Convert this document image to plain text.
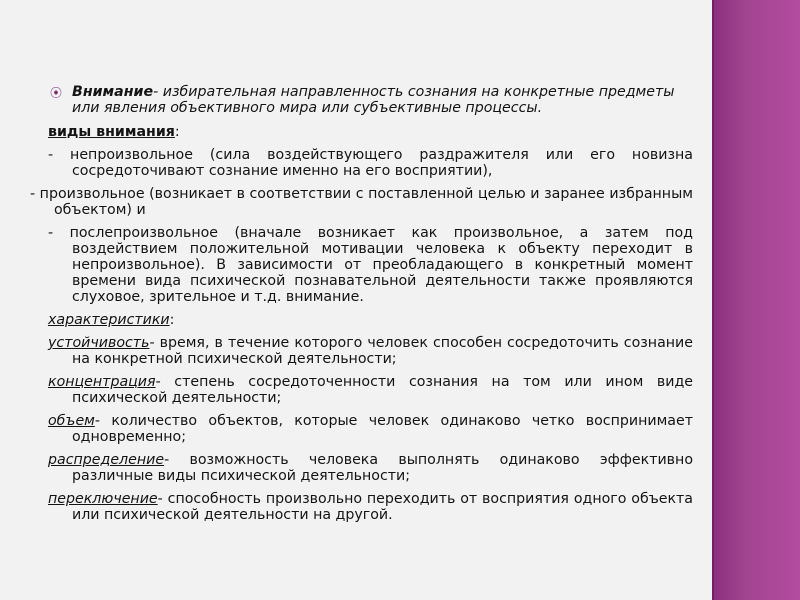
⦿ Внимание- избирательная направленность сознания на конкретные предметы или явления объективного мира или субъективные процессы.

виды внимания:

- непроизвольное (сила воздействующего раздражителя или его новизна сосредоточивают сознание именно на его восприятии),

- произвольное (возникает в соответствии с поставленной целью и заранее избранным объектом) и

- послепроизвольное (вначале возникает как произвольное, а затем под воздействием положительной мотивации человека к объекту переходит в непроизвольное). В зависимости от преобладающего в конкретный момент времени вида психической познавательной деятельности также проявляются слуховое, зрительное и т.д. внимание.

характеристики:

устойчивость- время, в течение которого человек способен сосредоточить сознание на конкретной психической деятельности;

концентрация- степень сосредоточенности сознания на том или ином виде психической деятельности;

объем- количество объектов, которые человек одинаково четко воспринимает одновременно;

распределение- возможность человека выполнять одинаково эффективно различные виды психической деятельности;

переключение- способность произвольно переходить от восприятия одного объекта или психической деятельности на другой.
